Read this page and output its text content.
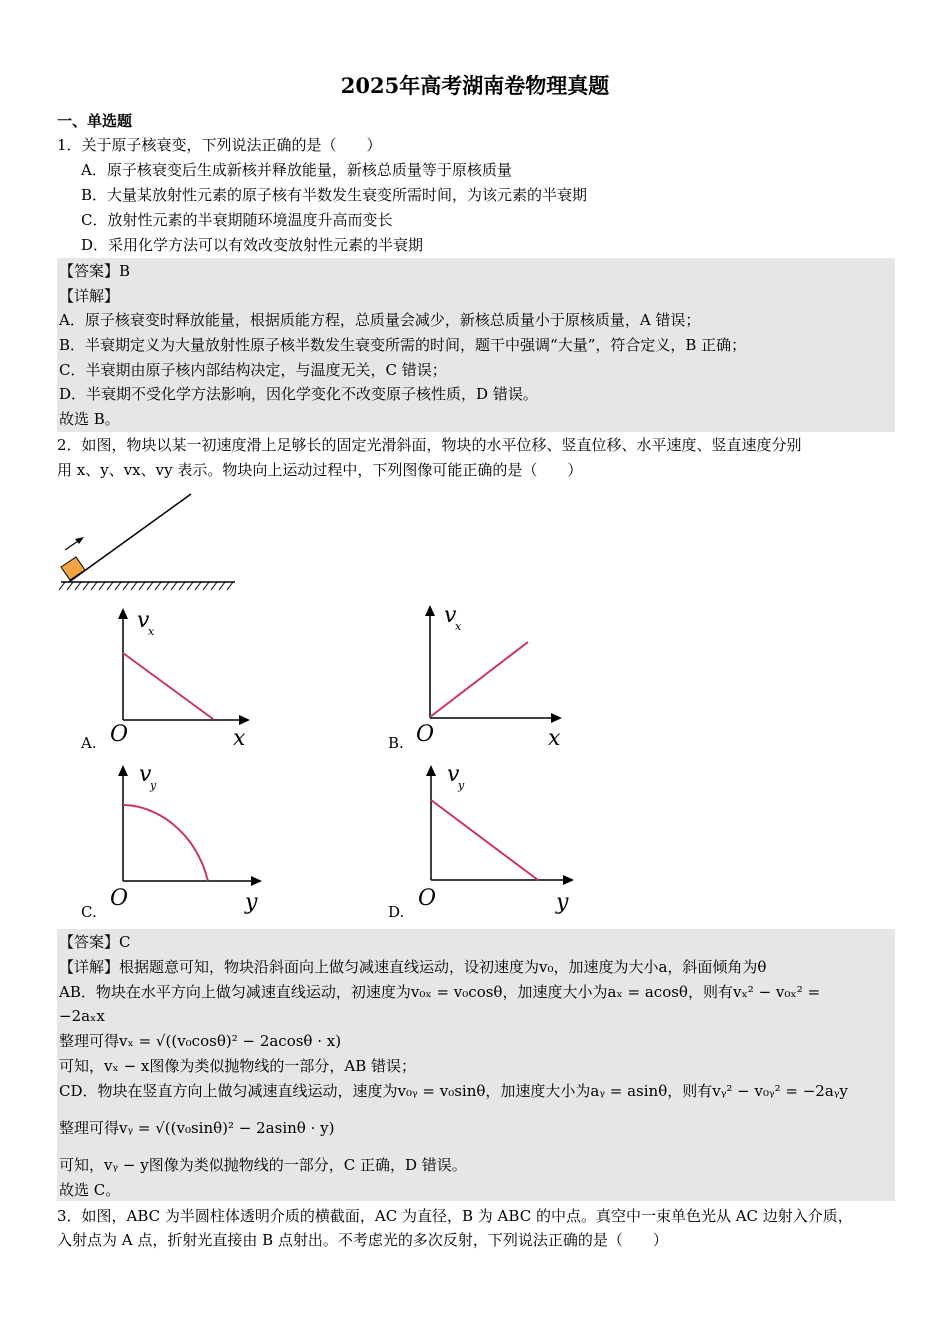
2025年高考湖南卷物理真题
一、单选题
1．关于原子核衰变，下列说法正确的是（　　）
A．原子核衰变后生成新核并释放能量，新核总质量等于原核质量
B．大量某放射性元素的原子核有半数发生衰变所需时间，为该元素的半衰期
C．放射性元素的半衰期随环境温度升高而变长
D．采用化学方法可以有效改变放射性元素的半衰期
【答案】B
【详解】
A．原子核衰变时释放能量，根据质能方程，总质量会减少，新核总质量小于原核质量，A 错误；
B．半衰期定义为大量放射性原子核半数发生衰变所需的时间，题干中强调“大量”，符合定义，B 正确；
C．半衰期由原子核内部结构决定，与温度无关，C 错误；
D．半衰期不受化学方法影响，因化学变化不改变原子核性质，D 错误。
故选 B。
2．如图，物块以某一初速度滑上足够长的固定光滑斜面，物块的水平位移、竖直位移、水平速度、竖直速度分别
用 x、y、vx、vy 表示。物块向上运动过程中，下列图像可能正确的是（　　）
A. O	x
v
x
B. O	x
v
x
C.
O	y
v
y
D.
O	y
v
y
【答案】C
【详解】根据题意可知，物块沿斜面向上做匀减速直线运动，设初速度为v₀，加速度为大小a，斜面倾角为θ
AB．物块在水平方向上做匀减速直线运动，初速度为v₀ₓ = v₀cosθ，加速度大小为aₓ = acosθ，则有vₓ² − v₀ₓ² =
−2aₓx
整理可得vₓ = √((v₀cosθ)² − 2acosθ · x)
可知，vₓ − x图像为类似抛物线的一部分，AB 错误；
CD．物块在竖直方向上做匀减速直线运动，速度为v₀ᵧ = v₀sinθ，加速度大小为aᵧ = asinθ，则有vᵧ² − v₀ᵧ² = −2aᵧy
整理可得vᵧ = √((v₀sinθ)² − 2asinθ · y)
可知，vᵧ − y图像为类似抛物线的一部分，C 正确，D 错误。
故选 C。
3．如图，ABC 为半圆柱体透明介质的横截面，AC 为直径，B 为 ABC 的中点。真空中一束单色光从 AC 边射入介质，
入射点为 A 点，折射光直接由 B 点射出。不考虑光的多次反射，下列说法正确的是（　　）
